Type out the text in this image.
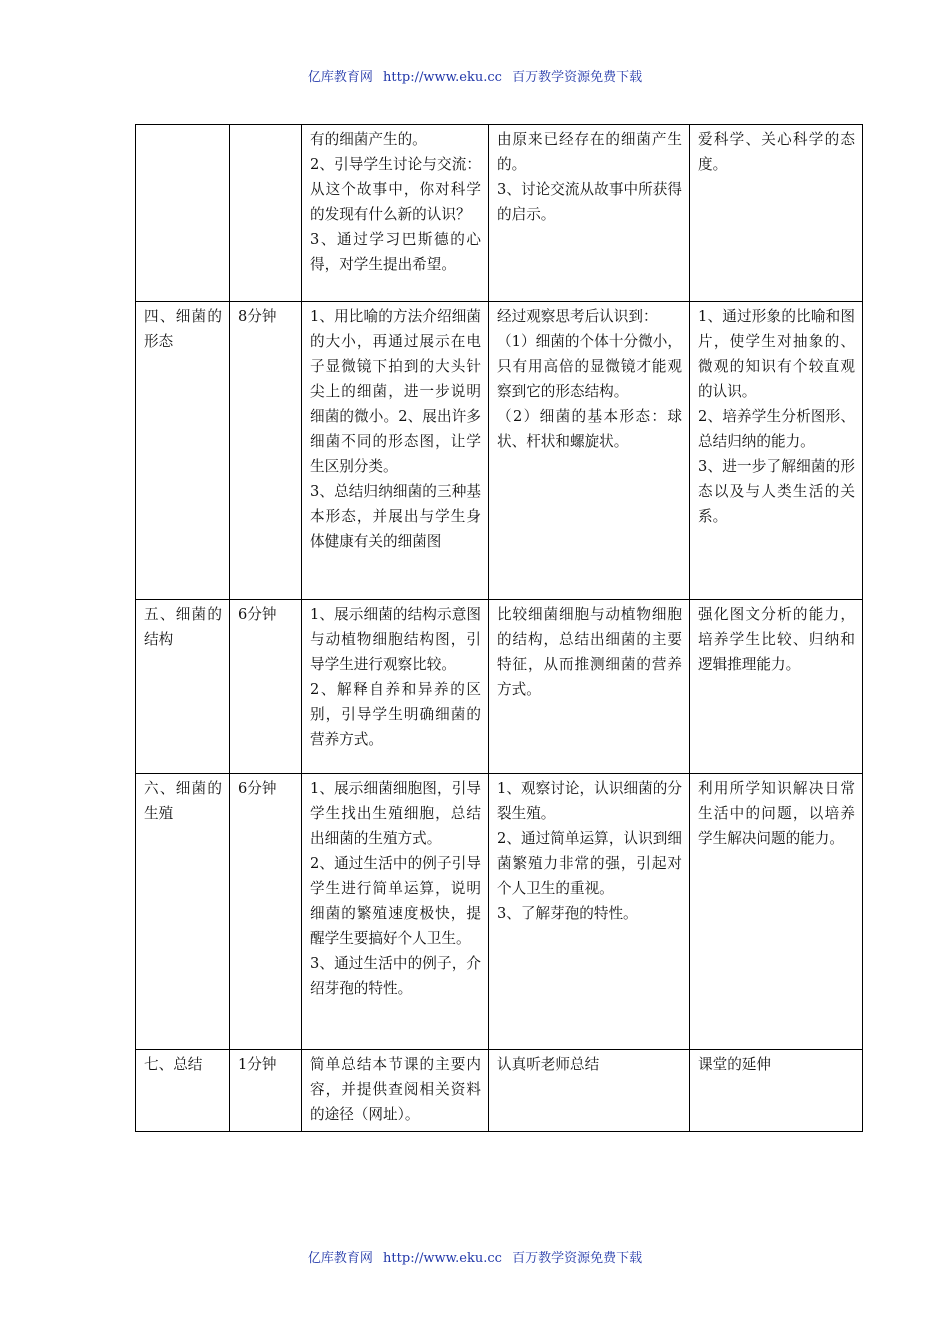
亿库教育网 http://www.eku.cc 百万教学资源免费下载

		有的细菌产生的。
2、引导学生讨论与交流：从这个故事中，你对科学的发现有什么新的认识？
3、通过学习巴斯德的心得，对学生提出希望。	由原来已经存在的细菌产生的。
3、讨论交流从故事中所获得的启示。	爱科学、关心科学的态度。

四、细菌的形态	8分钟	1、用比喻的方法介绍细菌的大小，再通过展示在电子显微镜下拍到的大头针尖上的细菌，进一步说明细菌的微小。2、展出许多细菌不同的形态图，让学生区别分类。
3、总结归纳细菌的三种基本形态，并展出与学生身体健康有关的细菌图	经过观察思考后认识到：
（1）细菌的个体十分微小，只有用高倍的显微镜才能观察到它的形态结构。
（2）细菌的基本形态：球状、杆状和螺旋状。	1、通过形象的比喻和图片，使学生对抽象的、微观的知识有个较直观的认识。
2、培养学生分析图形、总结归纳的能力。
3、进一步了解细菌的形态以及与人类生活的关系。

五、细菌的结构	6分钟	1、展示细菌的结构示意图与动植物细胞结构图，引导学生进行观察比较。
2、解释自养和异养的区别，引导学生明确细菌的营养方式。	比较细菌细胞与动植物细胞的结构，总结出细菌的主要特征，从而推测细菌的营养方式。	强化图文分析的能力，培养学生比较、归纳和逻辑推理能力。

六、细菌的生殖	6分钟	1、展示细菌细胞图，引导学生找出生殖细胞，总结出细菌的生殖方式。
2、通过生活中的例子引导学生进行简单运算，说明细菌的繁殖速度极快，提醒学生要搞好个人卫生。
3、通过生活中的例子，介绍芽孢的特性。	1、观察讨论，认识细菌的分裂生殖。
2、通过简单运算，认识到细菌繁殖力非常的强，引起对个人卫生的重视。
3、了解芽孢的特性。	利用所学知识解决日常生活中的问题，以培养学生解决问题的能力。

七、总结	1分钟	简单总结本节课的主要内容，并提供查阅相关资料的途径（网址）。	认真听老师总结	课堂的延伸
亿库教育网 http://www.eku.cc 百万教学资源免费下载
